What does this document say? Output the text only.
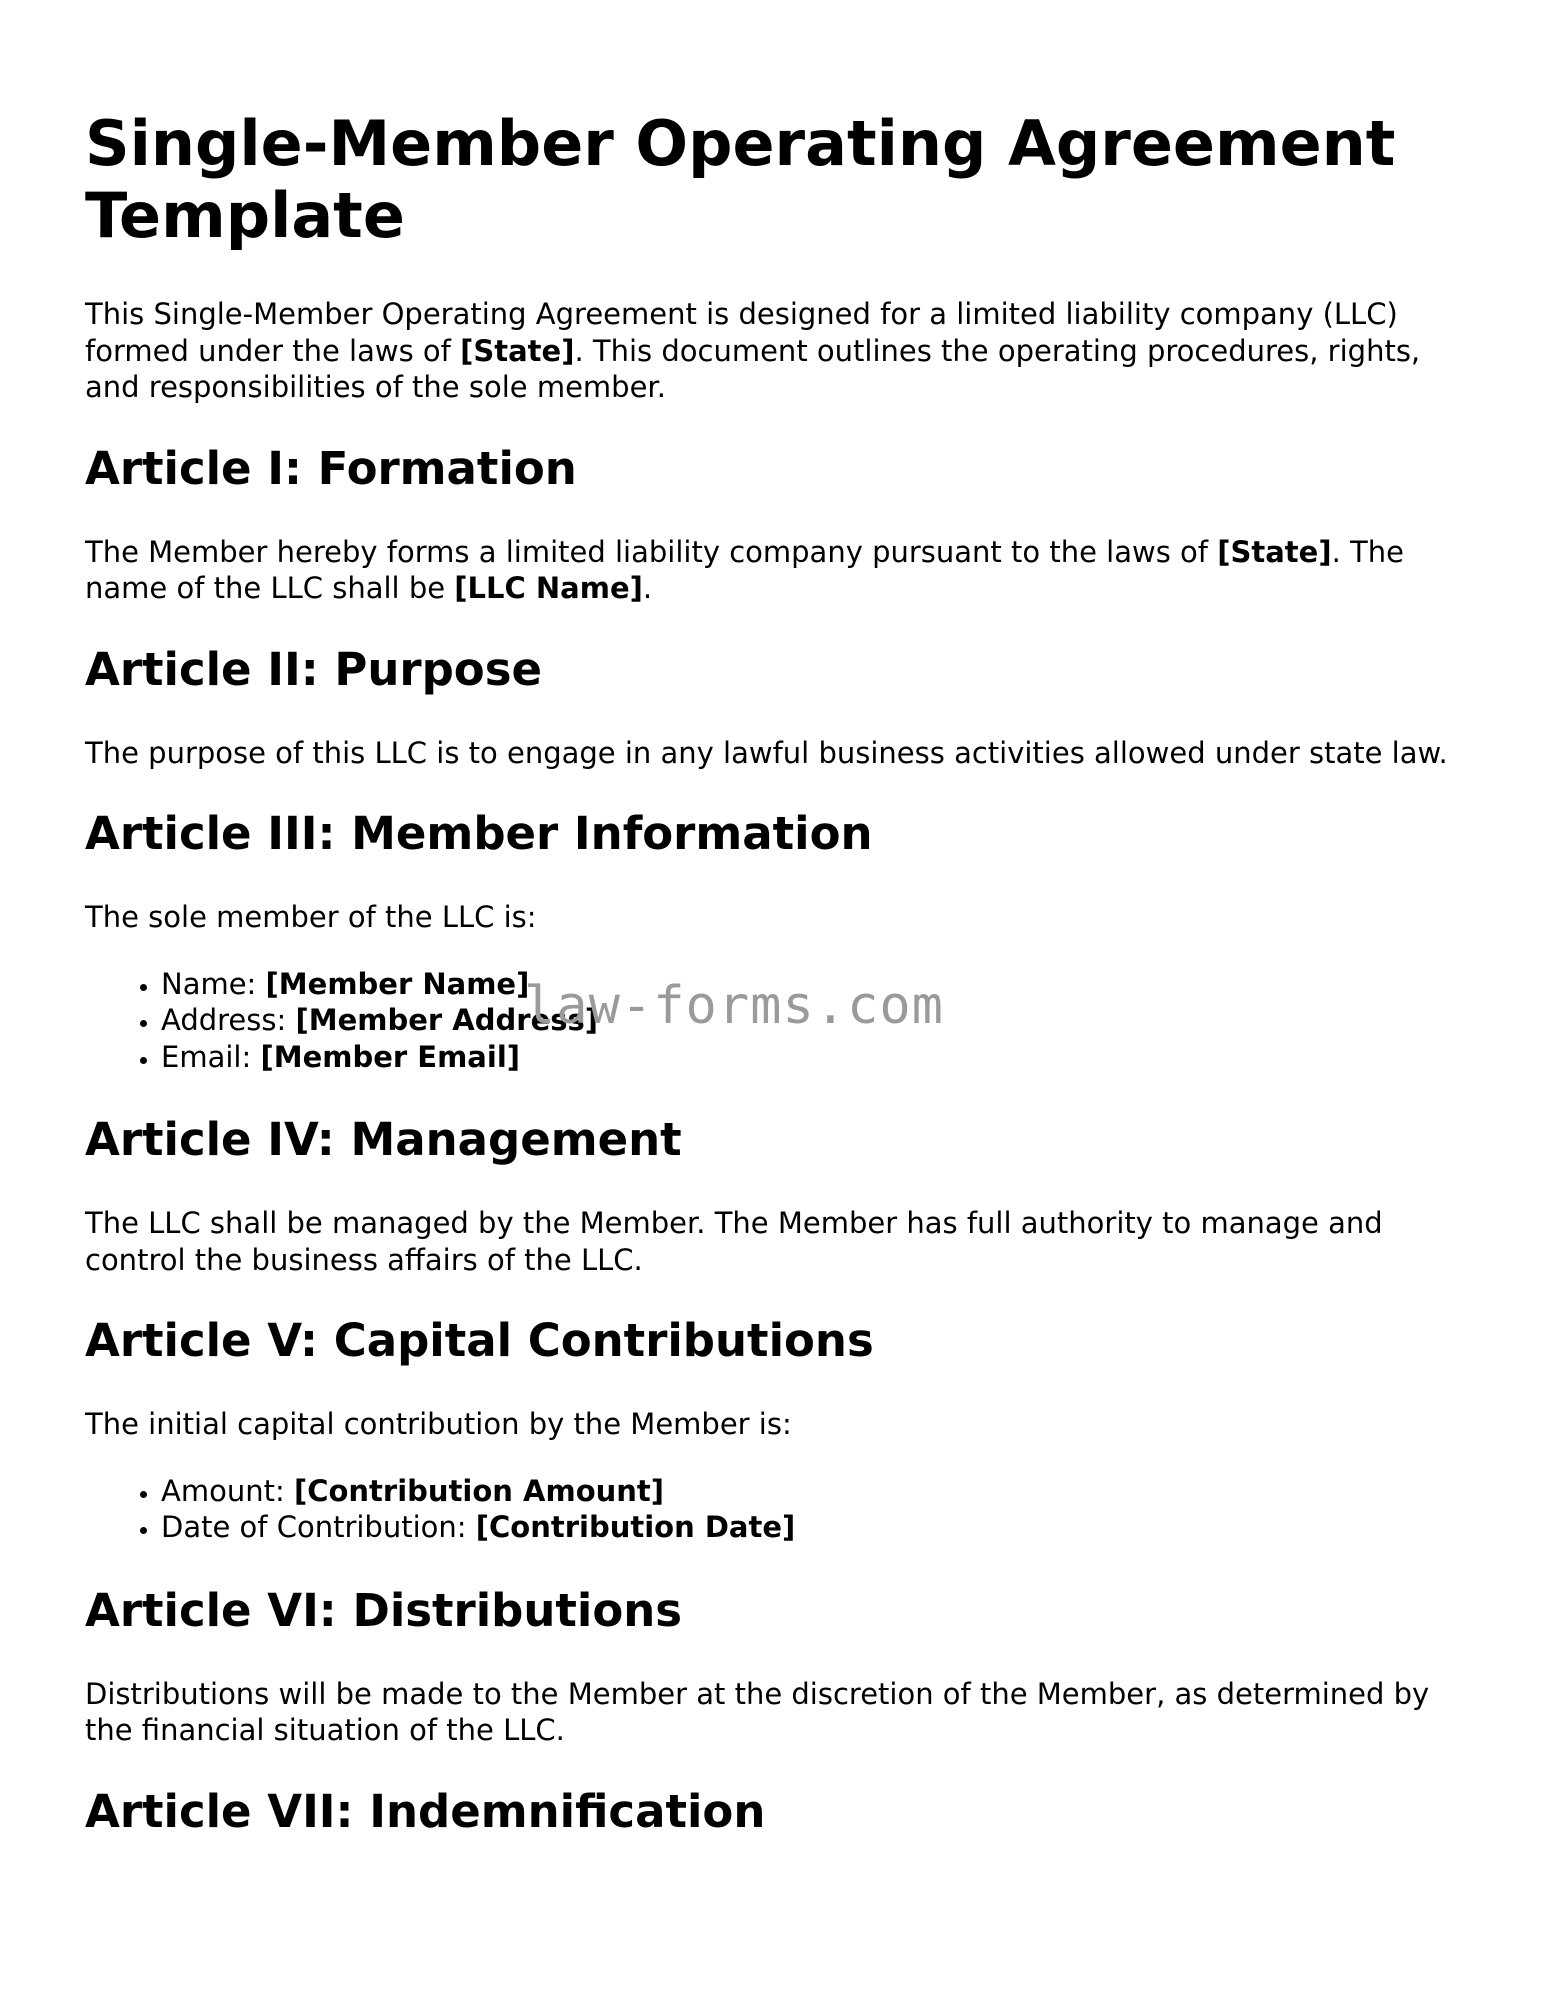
Single-Member Operating Agreement Template

This Single-Member Operating Agreement is designed for a limited liability company (LLC) formed under the laws of [State]. This document outlines the operating procedures, rights, and responsibilities of the sole member.

Article I: Formation

The Member hereby forms a limited liability company pursuant to the laws of [State]. The name of the LLC shall be [LLC Name].

Article II: Purpose

The purpose of this LLC is to engage in any lawful business activities allowed under state law.

Article III: Member Information

The sole member of the LLC is:

• Name: [Member Name]
• Address: [Member Address]
• Email: [Member Email]
Article IV: Management

The LLC shall be managed by the Member. The Member has full authority to manage and control the business affairs of the LLC.

Article V: Capital Contributions

The initial capital contribution by the Member is:

• Amount: [Contribution Amount]
• Date of Contribution: [Contribution Date]
Article VI: Distributions

Distributions will be made to the Member at the discretion of the Member, as determined by the financial situation of the LLC.

Article VII: Indemnification
law-forms.com
